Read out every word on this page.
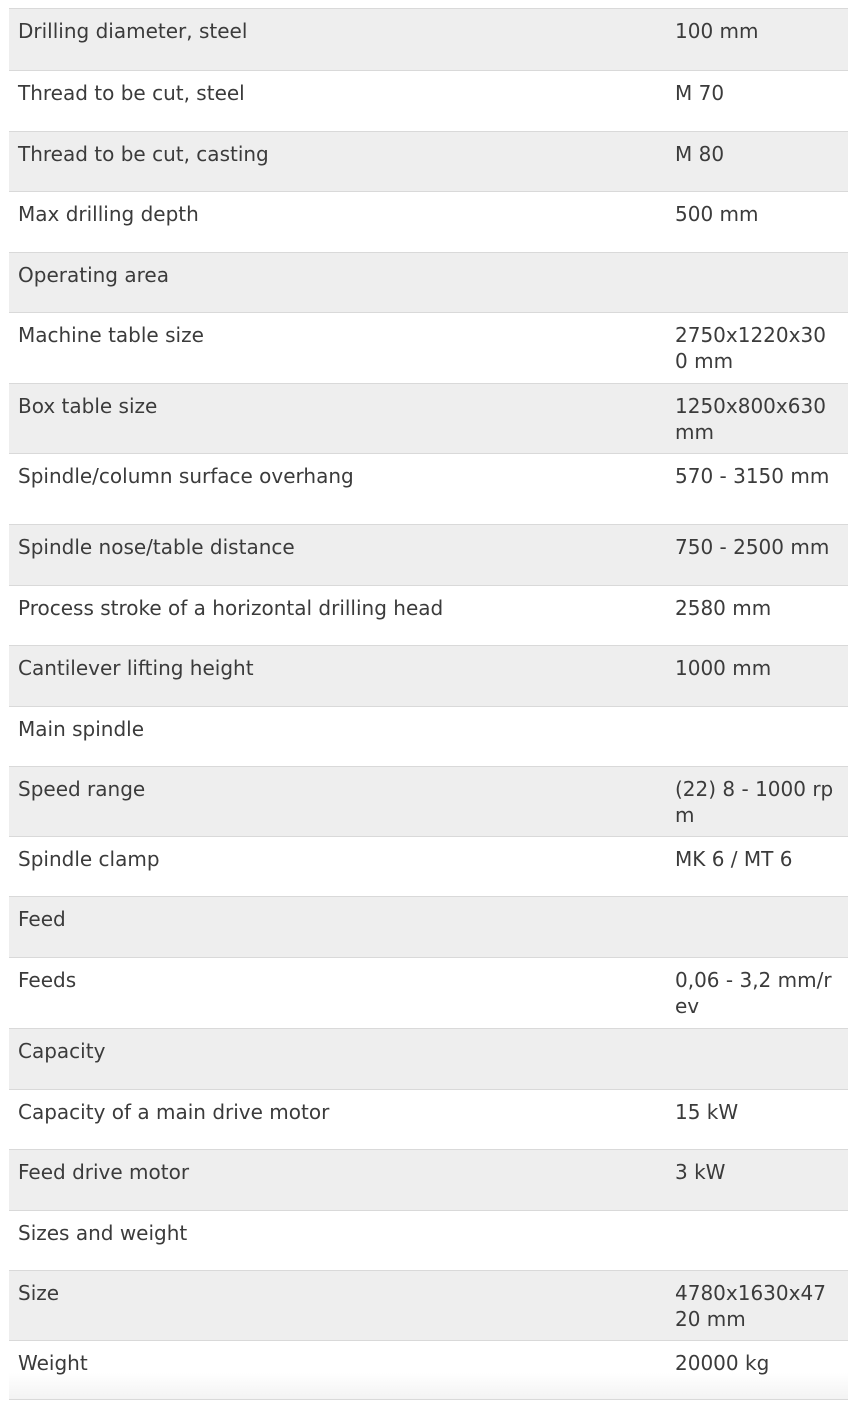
Drilling diameter, steel	100 mm
Thread to be cut, steel	M 70
Thread to be cut, casting	M 80
Max drilling depth	500 mm
Operating area
Machine table size	2750x1220x300 mm
Box table size	1250x800x630 mm
Spindle/column surface overhang	570 - 3150 mm
Spindle nose/table distance	750 - 2500 mm
Process stroke of a horizontal drilling head	2580 mm
Cantilever lifting height	1000 mm
Main spindle
Speed range	(22) 8 - 1000 rpm
Spindle clamp	MK 6 / MT 6
Feed
Feeds	0,06 - 3,2 mm/rev
Capacity
Capacity of a main drive motor	15 kW
Feed drive motor	3 kW
Sizes and weight
Size	4780x1630x4720 mm
Weight	20000 kg
